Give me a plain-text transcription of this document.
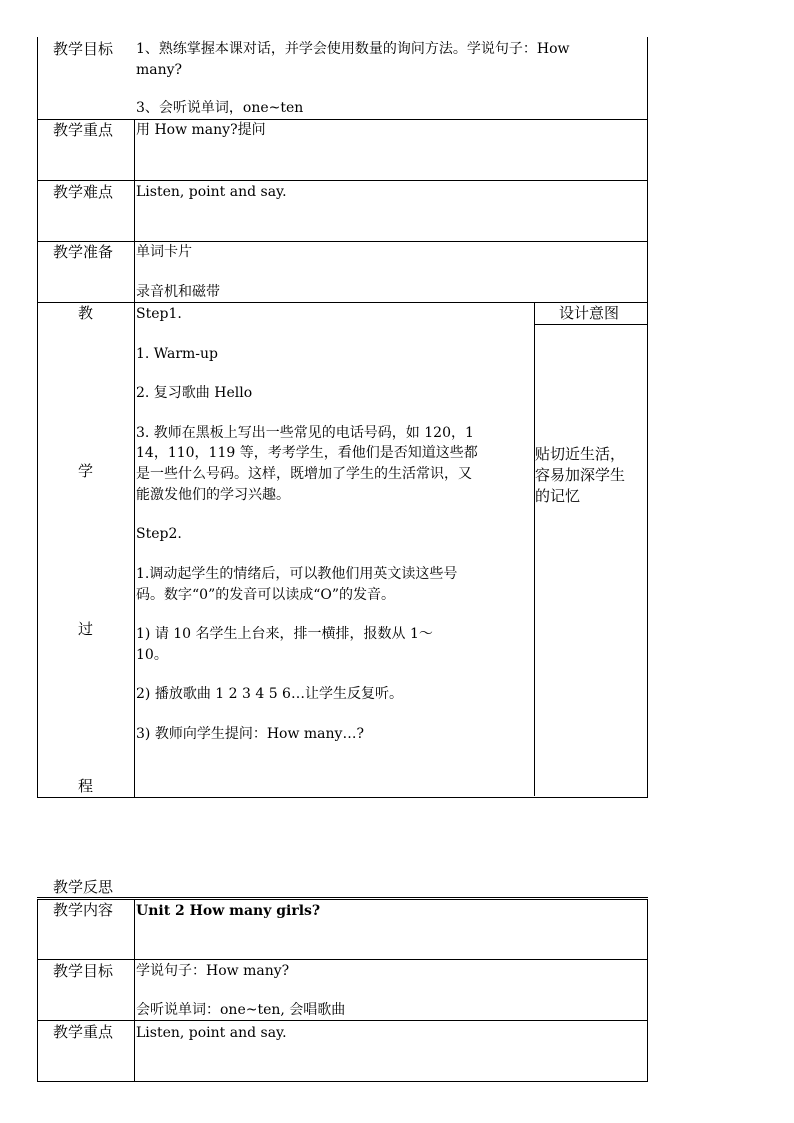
教学目标 1、熟练掌握本课对话，并学会使用数量的询问方法。学说句子：How
many?
3、会听说单词，one~ten
教学重点 用 How many?提问
教学难点 Listen, point and say.
教学准备 单词卡片
录音机和磁带
教
学
过
程
Step1.
1. Warm-up
2. 复习歌曲 Hello
3. 教师在黑板上写出一些常见的电话号码，如 120，1
14，110，119 等，考考学生，看他们是否知道这些都
是一些什么号码。这样，既增加了学生的生活常识，又
能激发他们的学习兴趣。
Step2.
1.调动起学生的情绪后，可以教他们用英文读这些号
码。数字“0”的发音可以读成“O”的发音。
1) 请 10 名学生上台来，排一横排，报数从 1～
10。
2) 播放歌曲 1 2 3 4 5 6…让学生反复听。
3) 教师向学生提问：How many…?
设计意图
贴切近生活，
容易加深学生
的记忆
教学反思
教学内容 Unit 2 How many girls?
教学目标 学说句子：How many?
会听说单词：one~ten, 会唱歌曲
教学重点 Listen, point and say.
